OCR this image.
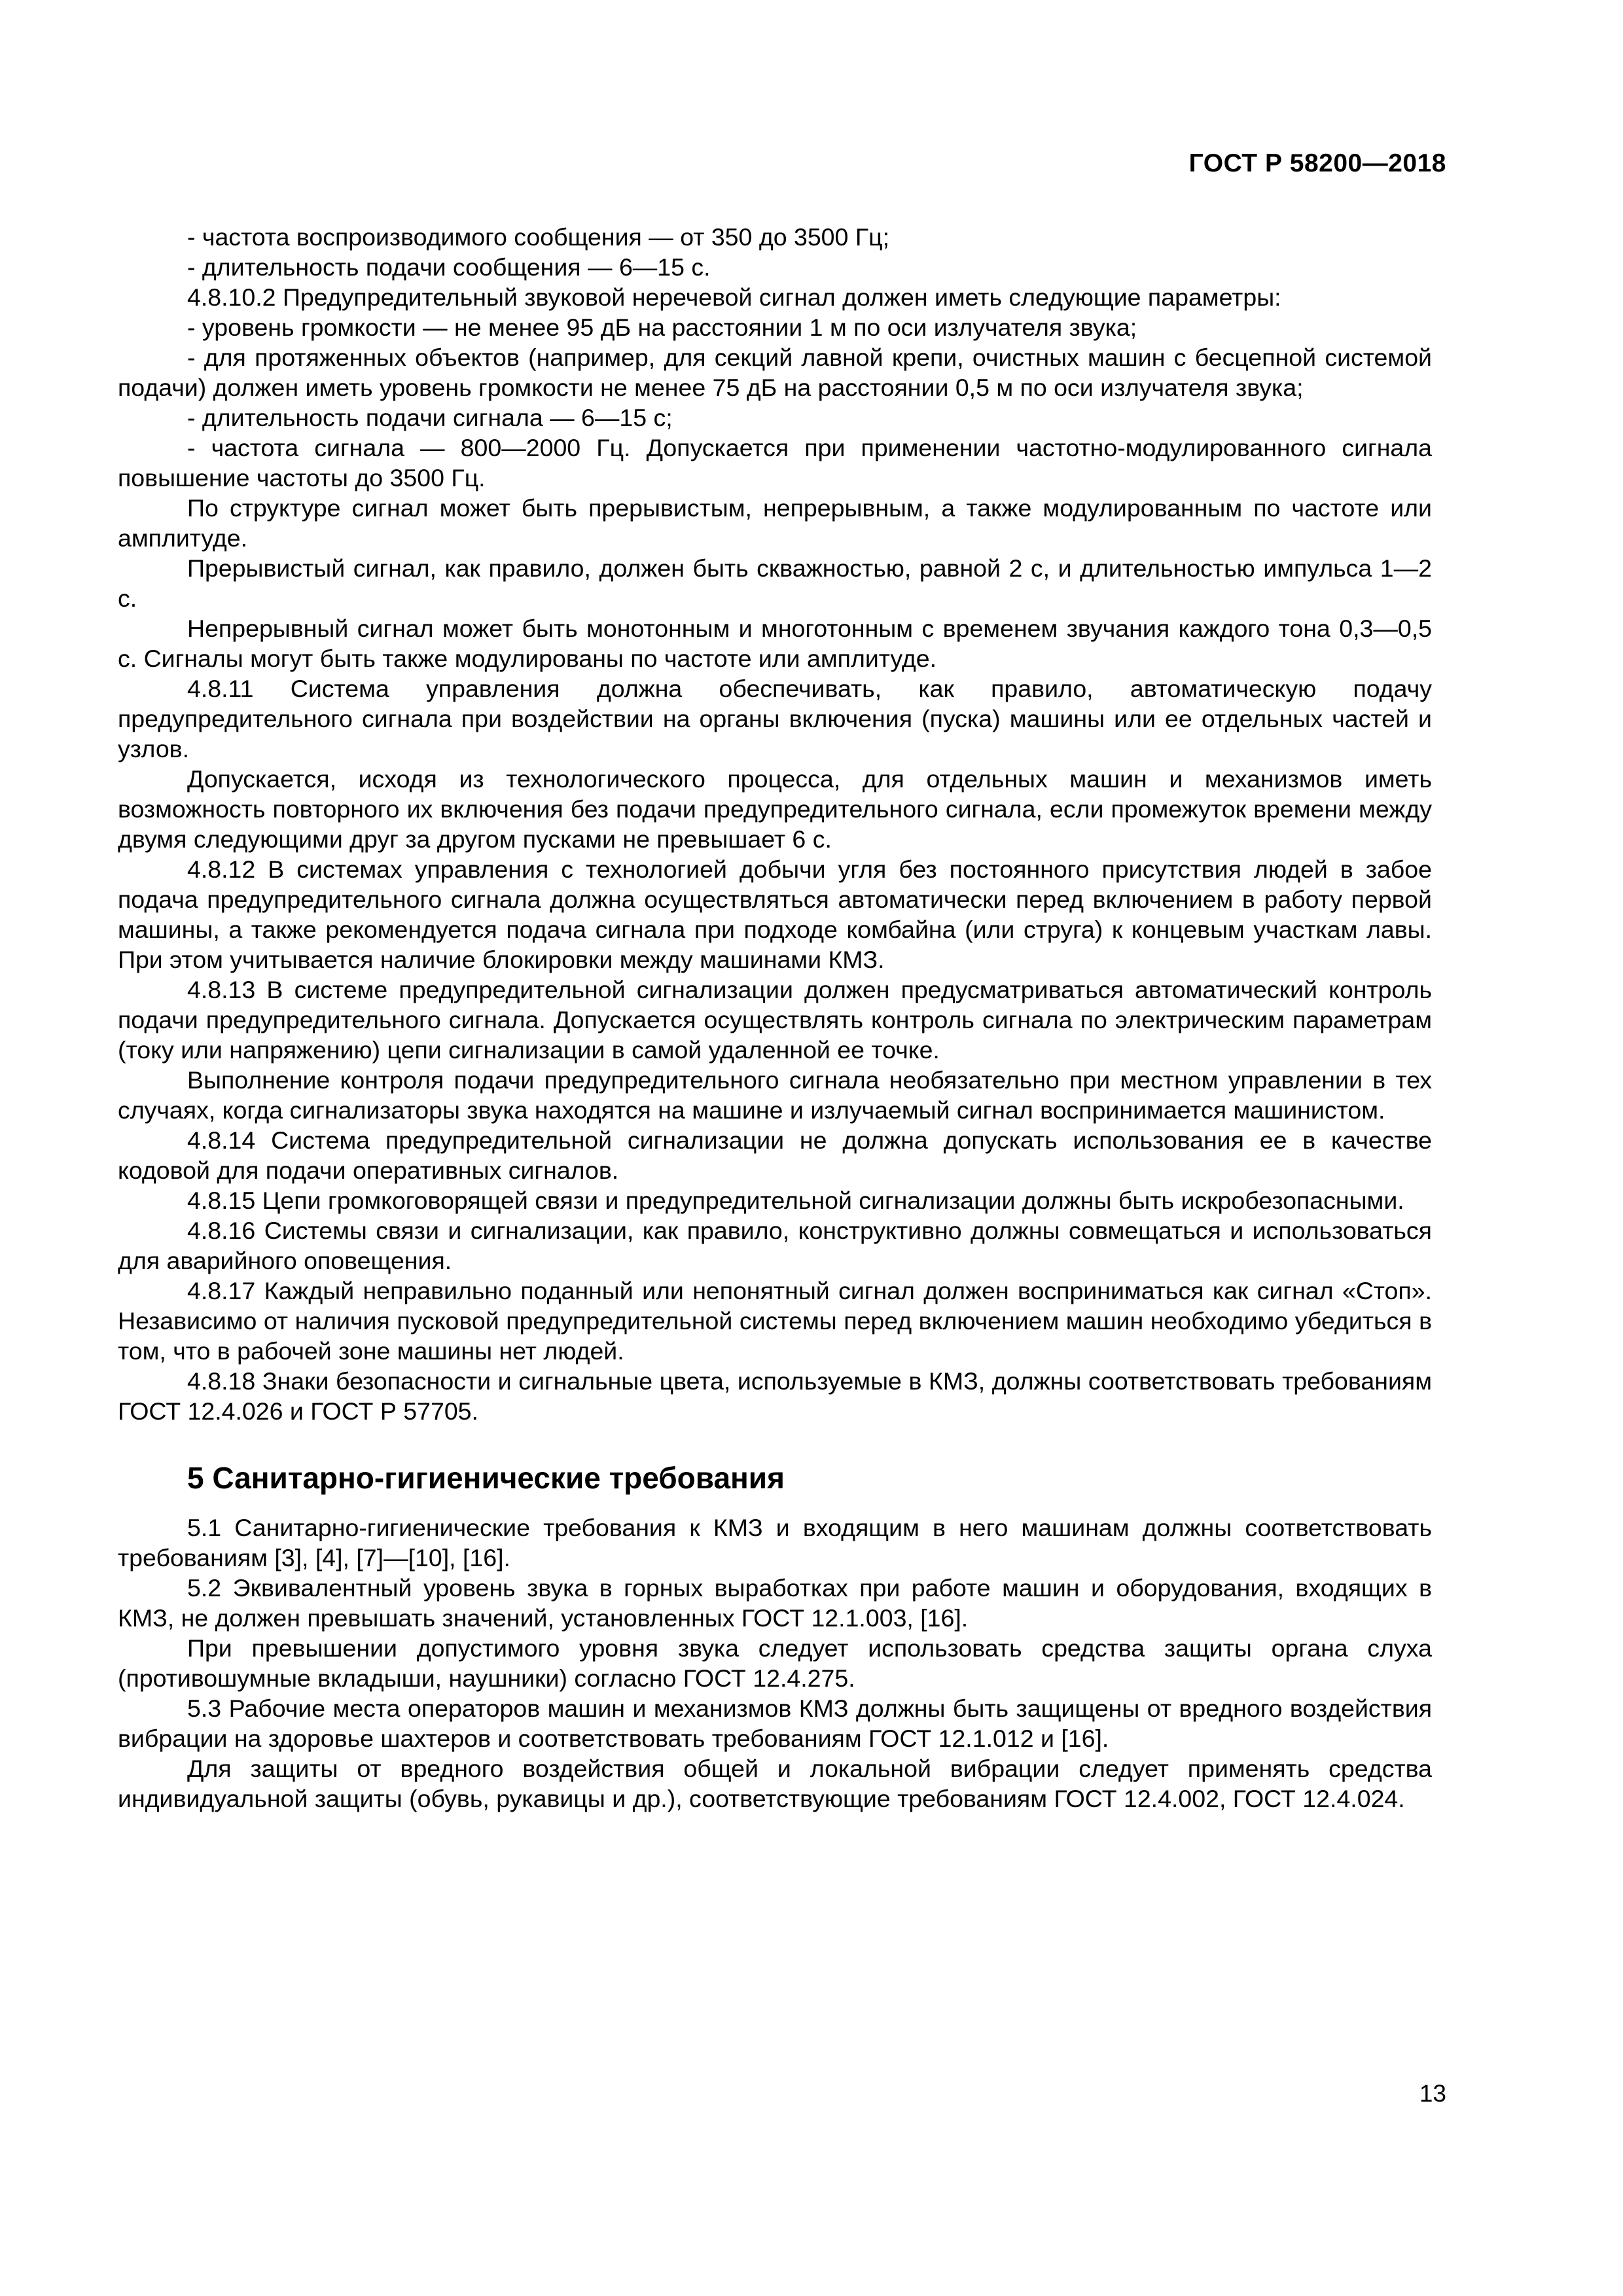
ГОСТ Р 58200—2018

- частота воспроизводимого сообщения — от 350 до 3500 Гц;

- длительность подачи сообщения — 6—15 с.

4.8.10.2 Предупредительный звуковой неречевой сигнал должен иметь следующие параметры:

- уровень громкости — не менее 95 дБ на расстоянии 1 м по оси излучателя звука;

- для протяженных объектов (например, для секций лавной крепи, очистных машин с бесцепной системой подачи) должен иметь уровень громкости не менее 75 дБ на расстоянии 0,5 м по оси излучателя звука;

- длительность подачи сигнала — 6—15 с;

- частота сигнала — 800—2000 Гц. Допускается при применении частотно-модулированного сигнала повышение частоты до 3500 Гц.

По структуре сигнал может быть прерывистым, непрерывным, а также модулированным по частоте или амплитуде.

Прерывистый сигнал, как правило, должен быть скважностью, равной 2 с, и длительностью импульса 1—2 с.

Непрерывный сигнал может быть монотонным и многотонным с временем звучания каждого тона 0,3—0,5 с. Сигналы могут быть также модулированы по частоте или амплитуде.

4.8.11 Система управления должна обеспечивать, как правило, автоматическую подачу предупредительного сигнала при воздействии на органы включения (пуска) машины или ее отдельных частей и узлов.

Допускается, исходя из технологического процесса, для отдельных машин и механизмов иметь возможность повторного их включения без подачи предупредительного сигнала, если промежуток времени между двумя следующими друг за другом пусками не превышает 6 с.

4.8.12 В системах управления с технологией добычи угля без постоянного присутствия людей в забое подача предупредительного сигнала должна осуществляться автоматически перед включением в работу первой машины, а также рекомендуется подача сигнала при подходе комбайна (или струга) к концевым участкам лавы. При этом учитывается наличие блокировки между машинами КМЗ.

4.8.13 В системе предупредительной сигнализации должен предусматриваться автоматический контроль подачи предупредительного сигнала. Допускается осуществлять контроль сигнала по электрическим параметрам (току или напряжению) цепи сигнализации в самой удаленной ее точке.

Выполнение контроля подачи предупредительного сигнала необязательно при местном управлении в тех случаях, когда сигнализаторы звука находятся на машине и излучаемый сигнал воспринимается машинистом.

4.8.14 Система предупредительной сигнализации не должна допускать использования ее в качестве кодовой для подачи оперативных сигналов.

4.8.15 Цепи громкоговорящей связи и предупредительной сигнализации должны быть искробезопасными.

4.8.16 Системы связи и сигнализации, как правило, конструктивно должны совмещаться и использоваться для аварийного оповещения.

4.8.17 Каждый неправильно поданный или непонятный сигнал должен восприниматься как сигнал «Стоп». Независимо от наличия пусковой предупредительной системы перед включением машин необходимо убедиться в том, что в рабочей зоне машины нет людей.

4.8.18 Знаки безопасности и сигнальные цвета, используемые в КМЗ, должны соответствовать требованиям ГОСТ 12.4.026 и ГОСТ Р 57705.

5 Санитарно-гигиенические требования

5.1 Санитарно-гигиенические требования к КМЗ и входящим в него машинам должны соответствовать требованиям [3], [4], [7]—[10], [16].

5.2 Эквивалентный уровень звука в горных выработках при работе машин и оборудования, входящих в КМЗ, не должен превышать значений, установленных ГОСТ 12.1.003, [16].

При превышении допустимого уровня звука следует использовать средства защиты органа слуха (противошумные вкладыши, наушники) согласно ГОСТ 12.4.275.

5.3 Рабочие места операторов машин и механизмов КМЗ должны быть защищены от вредного воздействия вибрации на здоровье шахтеров и соответствовать требованиям ГОСТ 12.1.012 и [16].

Для защиты от вредного воздействия общей и локальной вибрации следует применять средства индивидуальной защиты (обувь, рукавицы и др.), соответствующие требованиям ГОСТ 12.4.002, ГОСТ 12.4.024.

13
